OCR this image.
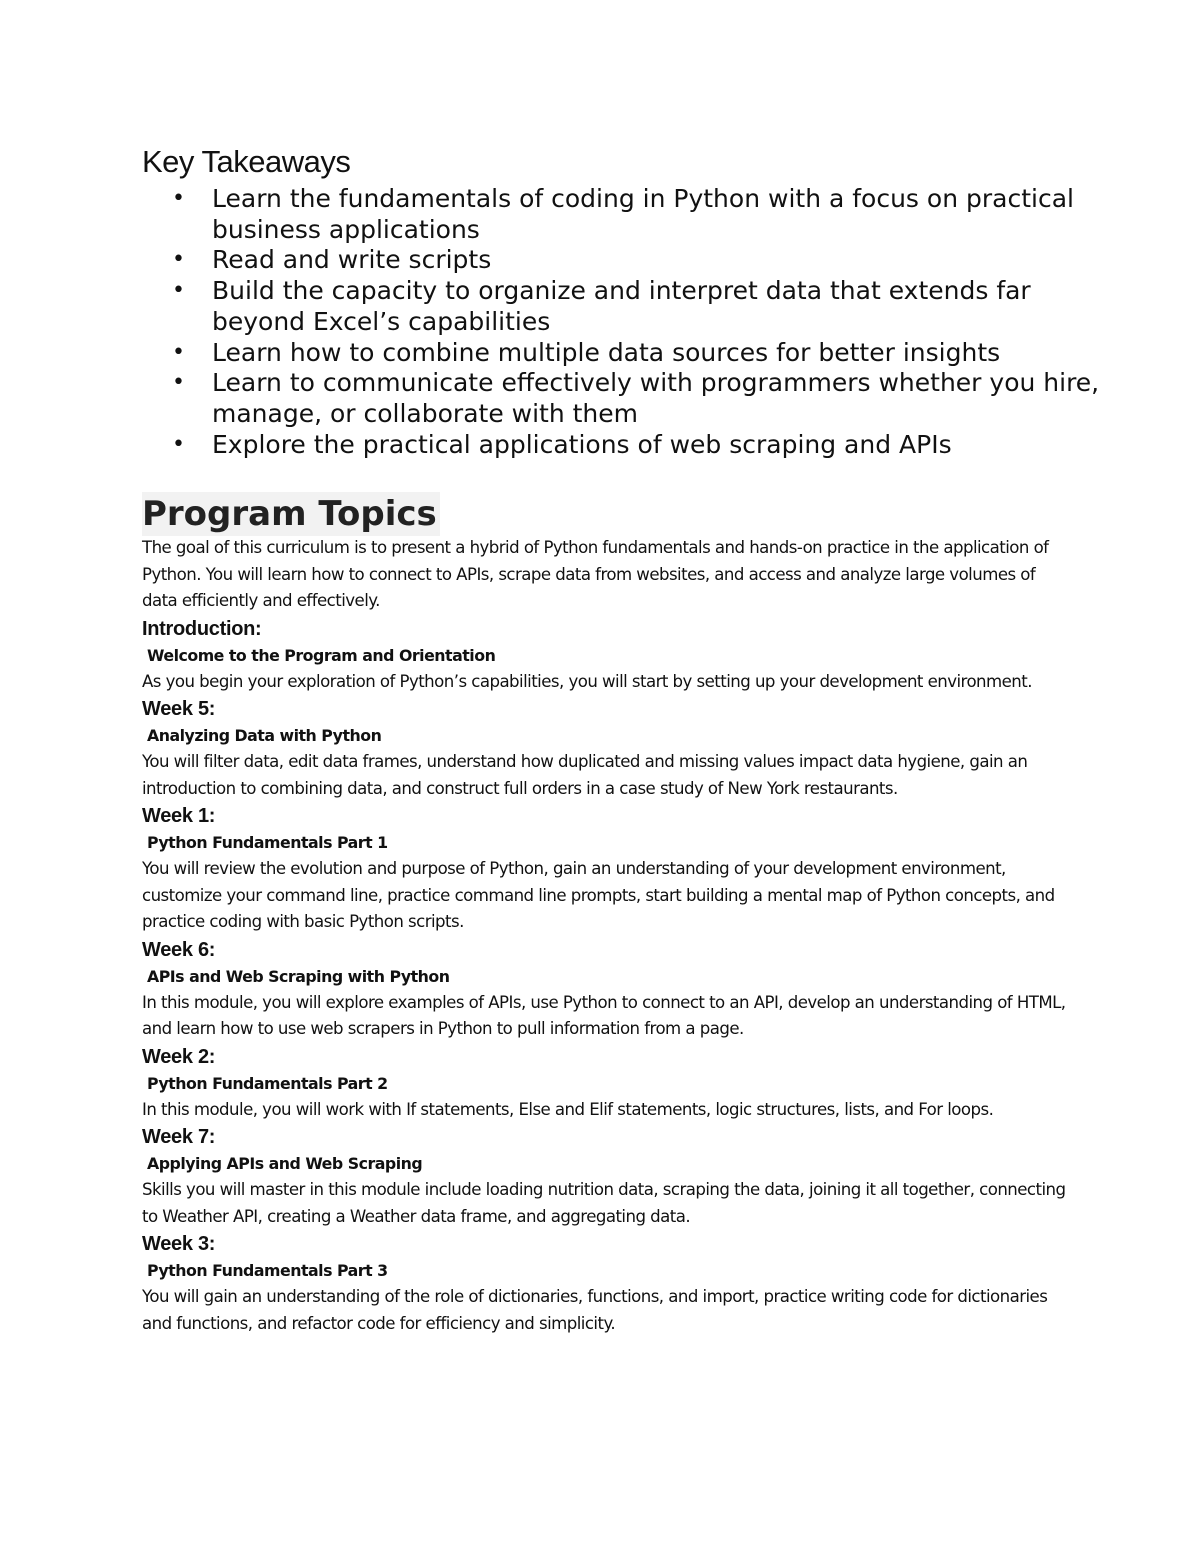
Key Takeaways
• Learn the fundamentals of coding in Python with a focus on practical business applications
• Read and write scripts
• Build the capacity to organize and interpret data that extends far beyond Excel’s capabilities
• Learn how to combine multiple data sources for better insights
• Learn to communicate effectively with programmers whether you hire, manage, or collaborate with them
• Explore the practical applications of web scraping and APIs
Program Topics

The goal of this curriculum is to present a hybrid of Python fundamentals and hands-on practice in the application of Python. You will learn how to connect to APIs, scrape data from websites, and access and analyze large volumes of data efficiently and effectively.

Introduction:
Welcome to the Program and Orientation

As you begin your exploration of Python’s capabilities, you will start by setting up your development environment.

Week 5:
Analyzing Data with Python

You will filter data, edit data frames, understand how duplicated and missing values impact data hygiene, gain an introduction to combining data, and construct full orders in a case study of New York restaurants.

Week 1:
Python Fundamentals Part 1

You will review the evolution and purpose of Python, gain an understanding of your development environment, customize your command line, practice command line prompts, start building a mental map of Python concepts, and practice coding with basic Python scripts.

Week 6:
APIs and Web Scraping with Python

In this module, you will explore examples of APIs, use Python to connect to an API, develop an understanding of HTML, and learn how to use web scrapers in Python to pull information from a page.

Week 2:
Python Fundamentals Part 2

In this module, you will work with If statements, Else and Elif statements, logic structures, lists, and For loops.

Week 7:
Applying APIs and Web Scraping

Skills you will master in this module include loading nutrition data, scraping the data, joining it all together, connecting to Weather API, creating a Weather data frame, and aggregating data.

Week 3:
Python Fundamentals Part 3

You will gain an understanding of the role of dictionaries, functions, and import, practice writing code for dictionaries and functions, and refactor code for efficiency and simplicity.
